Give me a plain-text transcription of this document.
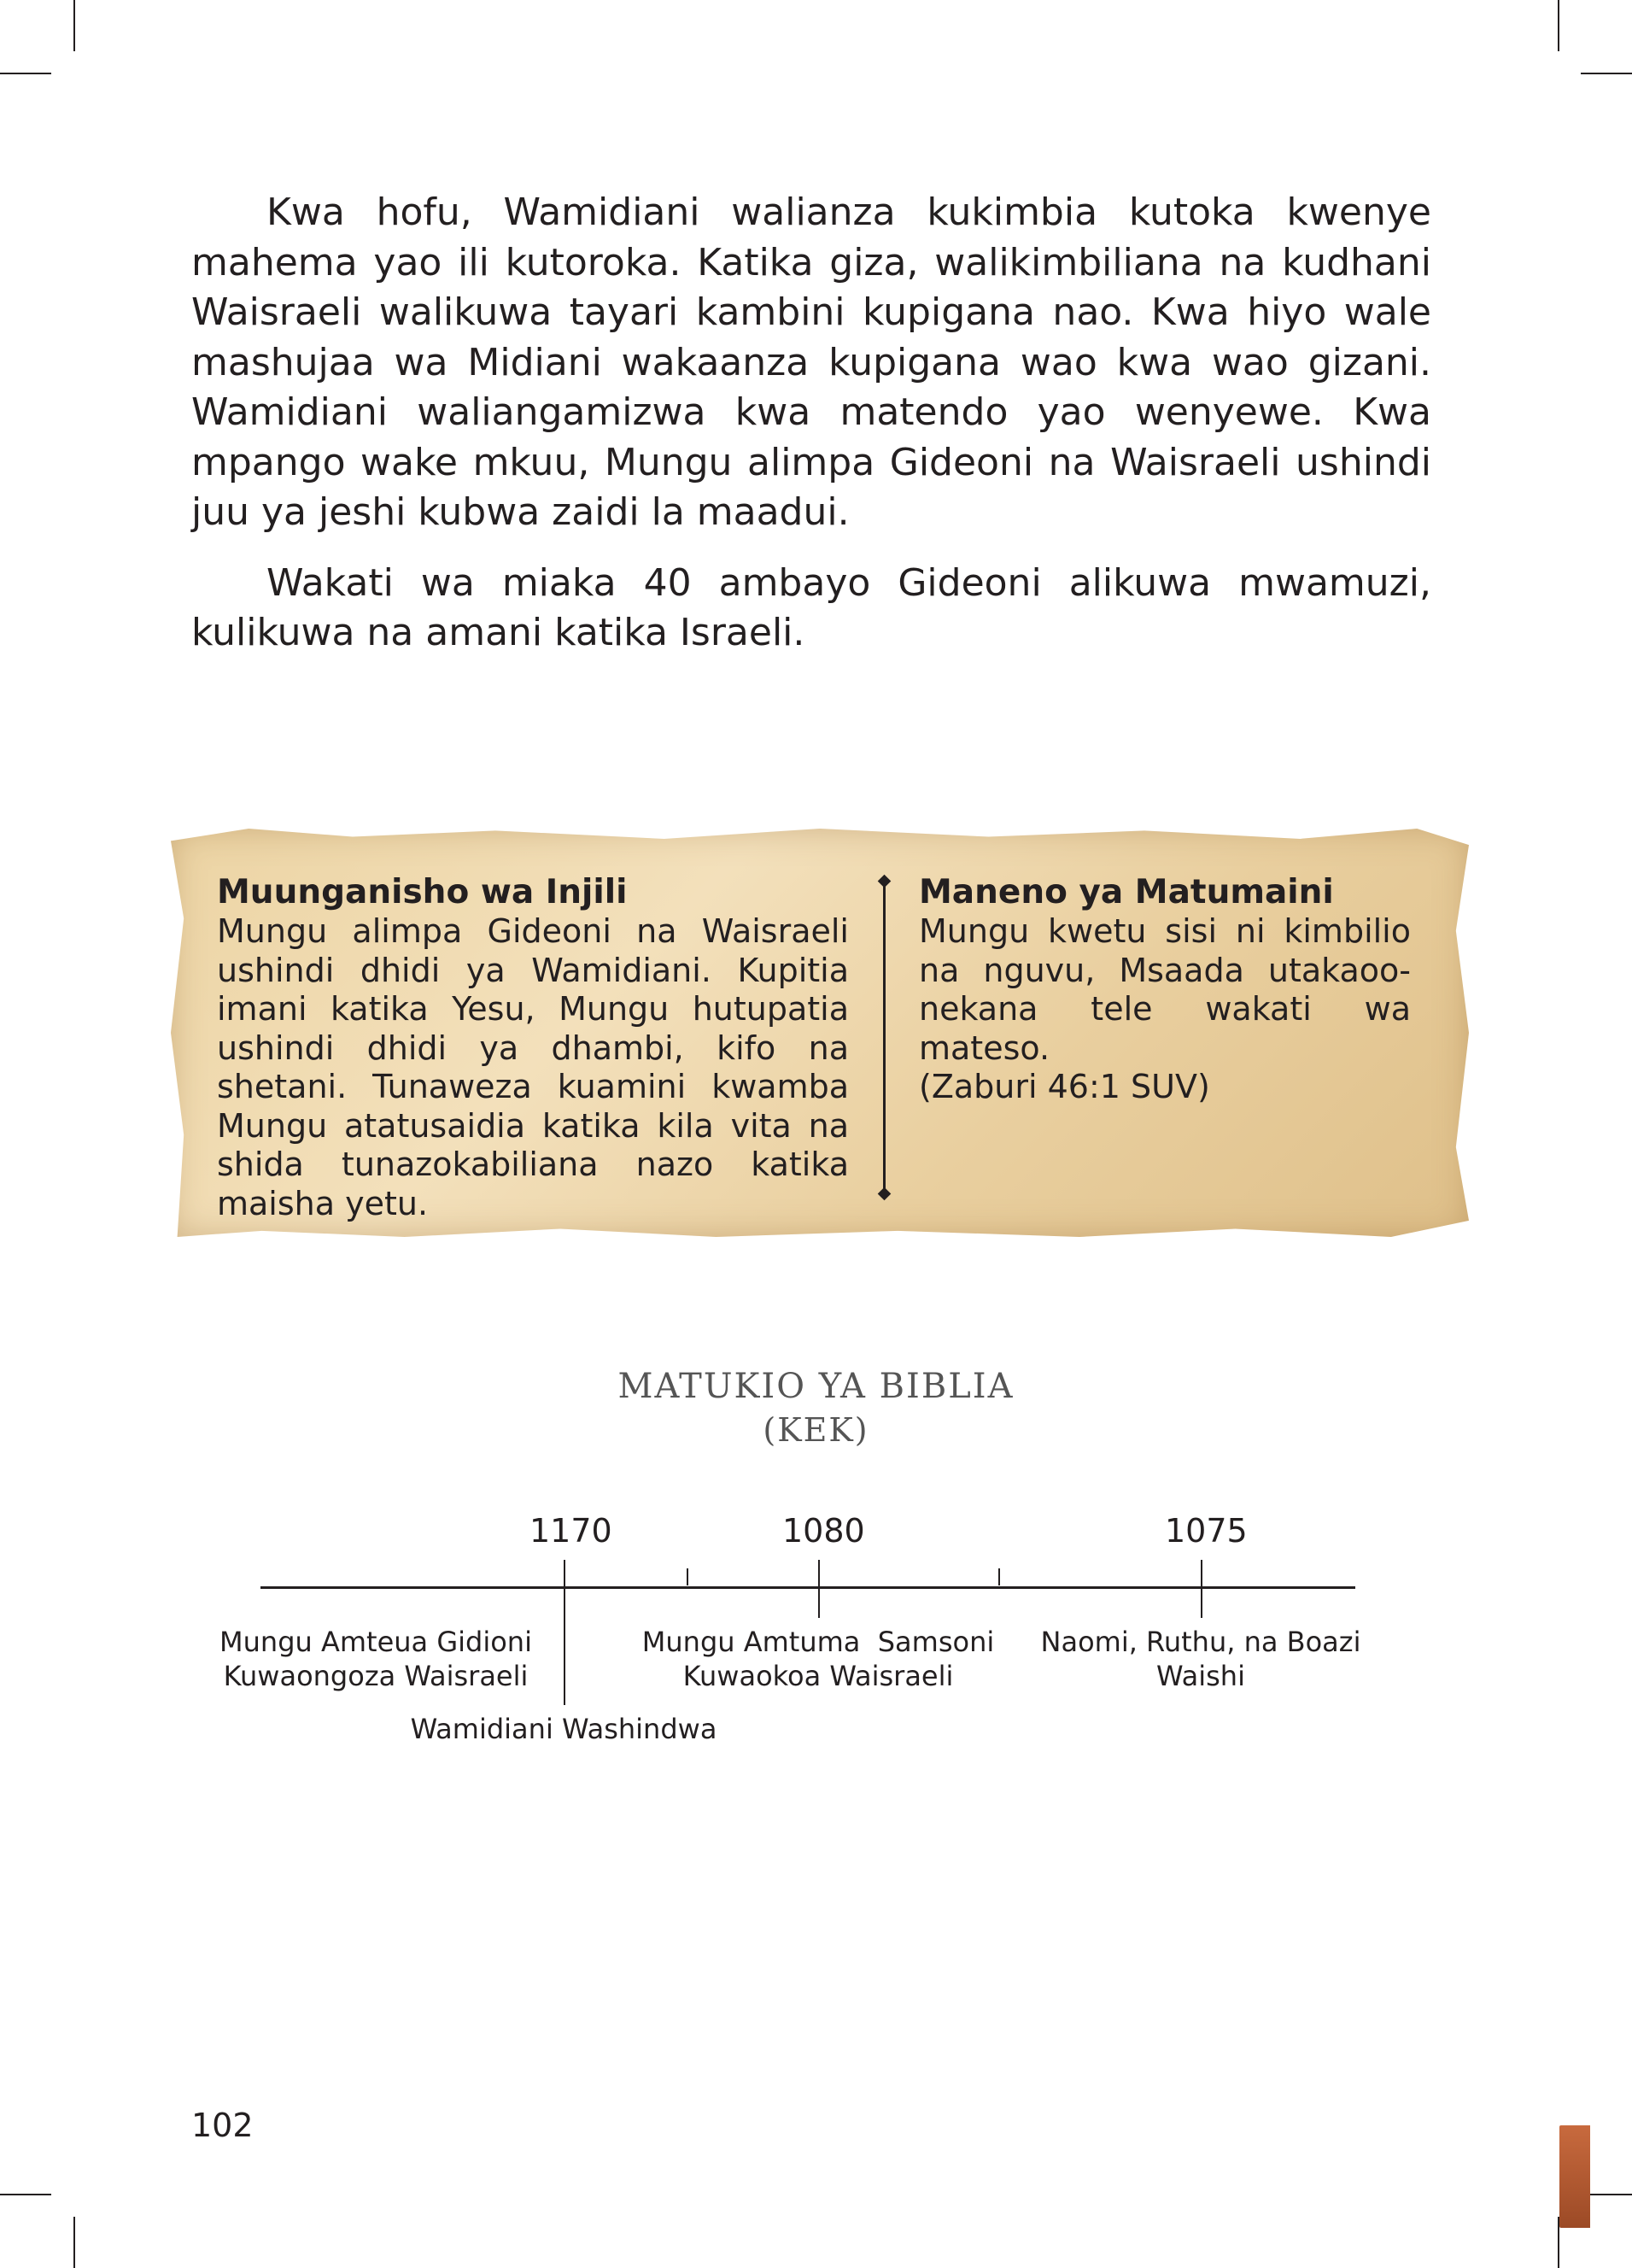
Kwa hofu, Wamidiani walianza kukimbia kutoka kwenye mahema yao ili kutoroka. Katika giza, walikimbiliana na kudhani Waisraeli walikuwa tayari kambini kupigana nao. Kwa hiyo wale mashujaa wa Midiani wakaanza kupigana wao kwa wao gizani. Wamidiani waliangamizwa kwa matendo yao wenyewe. Kwa mpango wake mkuu, Mungu alimpa Gideoni na Waisraeli ushindi juu ya jeshi kubwa zaidi la maadui.

Wakati wa miaka 40 ambayo Gideoni alikuwa mwamuzi, kulikuwa na amani katika Israeli.

Muunganisho wa Injili

Mungu alimpa Gideoni na Waisraeli ushindi dhidi ya Wamidiani. Kupitia imani katika Yesu, Mungu hutupatia ushindi dhidi ya dhambi, kifo na shetani. Tunaweza kuamini kwamba Mungu atatusaidia katika kila vita na shida tunazokabiliana nazo katika maisha yetu.

Maneno ya Matumaini

Mungu kwetu sisi ni kimbilio na nguvu, Msaada utakaoonekana tele wakati wa mateso.

(Zaburi 46:1 SUV)

MATUKIO YA BIBLIA
(KEK)
1170	1080	1075
Mungu Amteua Gidioni
Kuwaongoza Waisraeli
Wamidiani Washindwa
Mungu Amtuma  Samsoni
Kuwaokoa Waisraeli
Naomi, Ruthu, na Boazi
Waishi
102
